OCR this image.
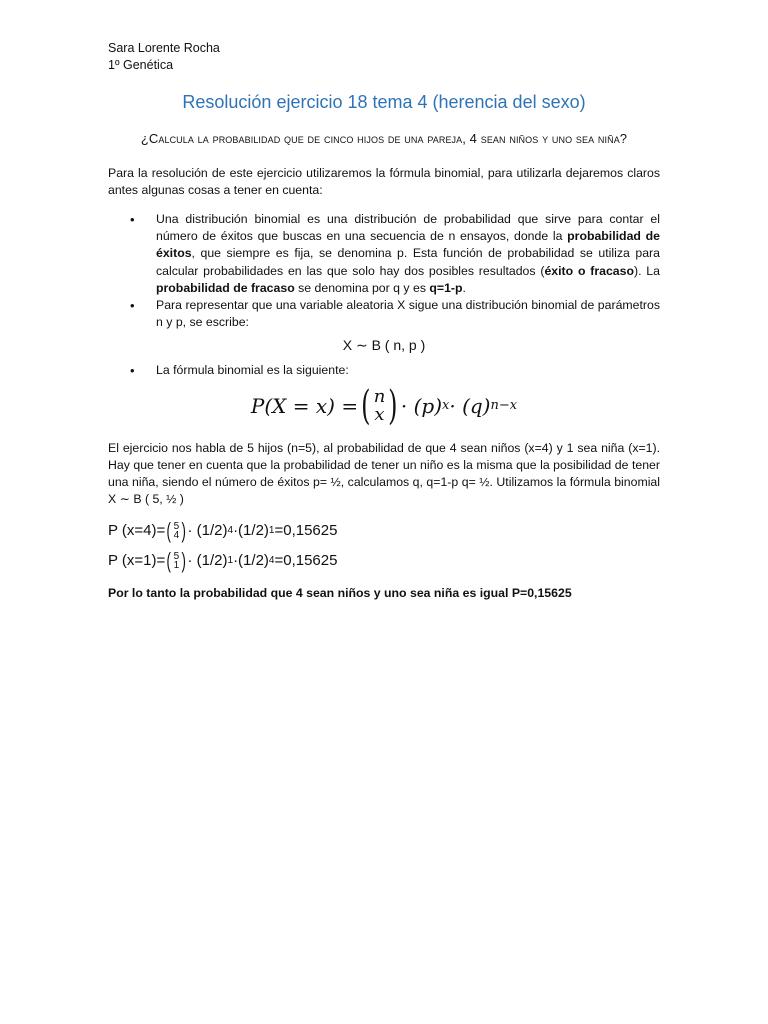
Sara Lorente Rocha

1º Genética

Resolución ejercicio 18 tema 4 (herencia del sexo)

¿Calcula la probabilidad que de cinco hijos de una pareja, 4 sean niños y uno sea niña?

Para la resolución de este ejercicio utilizaremos la fórmula binomial, para utilizarla dejaremos claros antes algunas cosas a tener en cuenta:

• Una distribución binomial es una distribución de probabilidad que sirve para contar el número de éxitos que buscas en una secuencia de n ensayos, donde la probabilidad de éxitos, que siempre es fija, se denomina p. Esta función de probabilidad se utiliza para calcular probabilidades en las que solo hay dos posibles resultados (éxito o fracaso). La probabilidad de fracaso se denomina por q y es q=1-p.
• Para representar que una variable aleatoria X sigue una distribución binomial de parámetros n y p, se escribe:
X ∼ B ( n, p )
• La fórmula binomial es la siguiente:
P(X = x) = ( n
x ) · (p) x · (q) n−x

El ejercicio nos habla de 5 hijos (n=5), al probabilidad de que 4 sean niños (x=4) y 1 sea niña (x=1). Hay que tener en cuenta que la probabilidad de tener un niño es la misma que la posibilidad de tener una niña, siendo el número de éxitos p= ½, calculamos q, q=1-p q= ½. Utilizamos la fórmula binomial X ∼ B ( 5, ½ )

P (x=4)= ( 5
4 ) · (1/2) 4 ·(1/2) 1 =0,15625
P (x=1)= ( 5
1 ) · (1/2) 1 ·(1/2) 4 =0,15625

Por lo tanto la probabilidad que 4 sean niños y uno sea niña es igual P=0,15625
